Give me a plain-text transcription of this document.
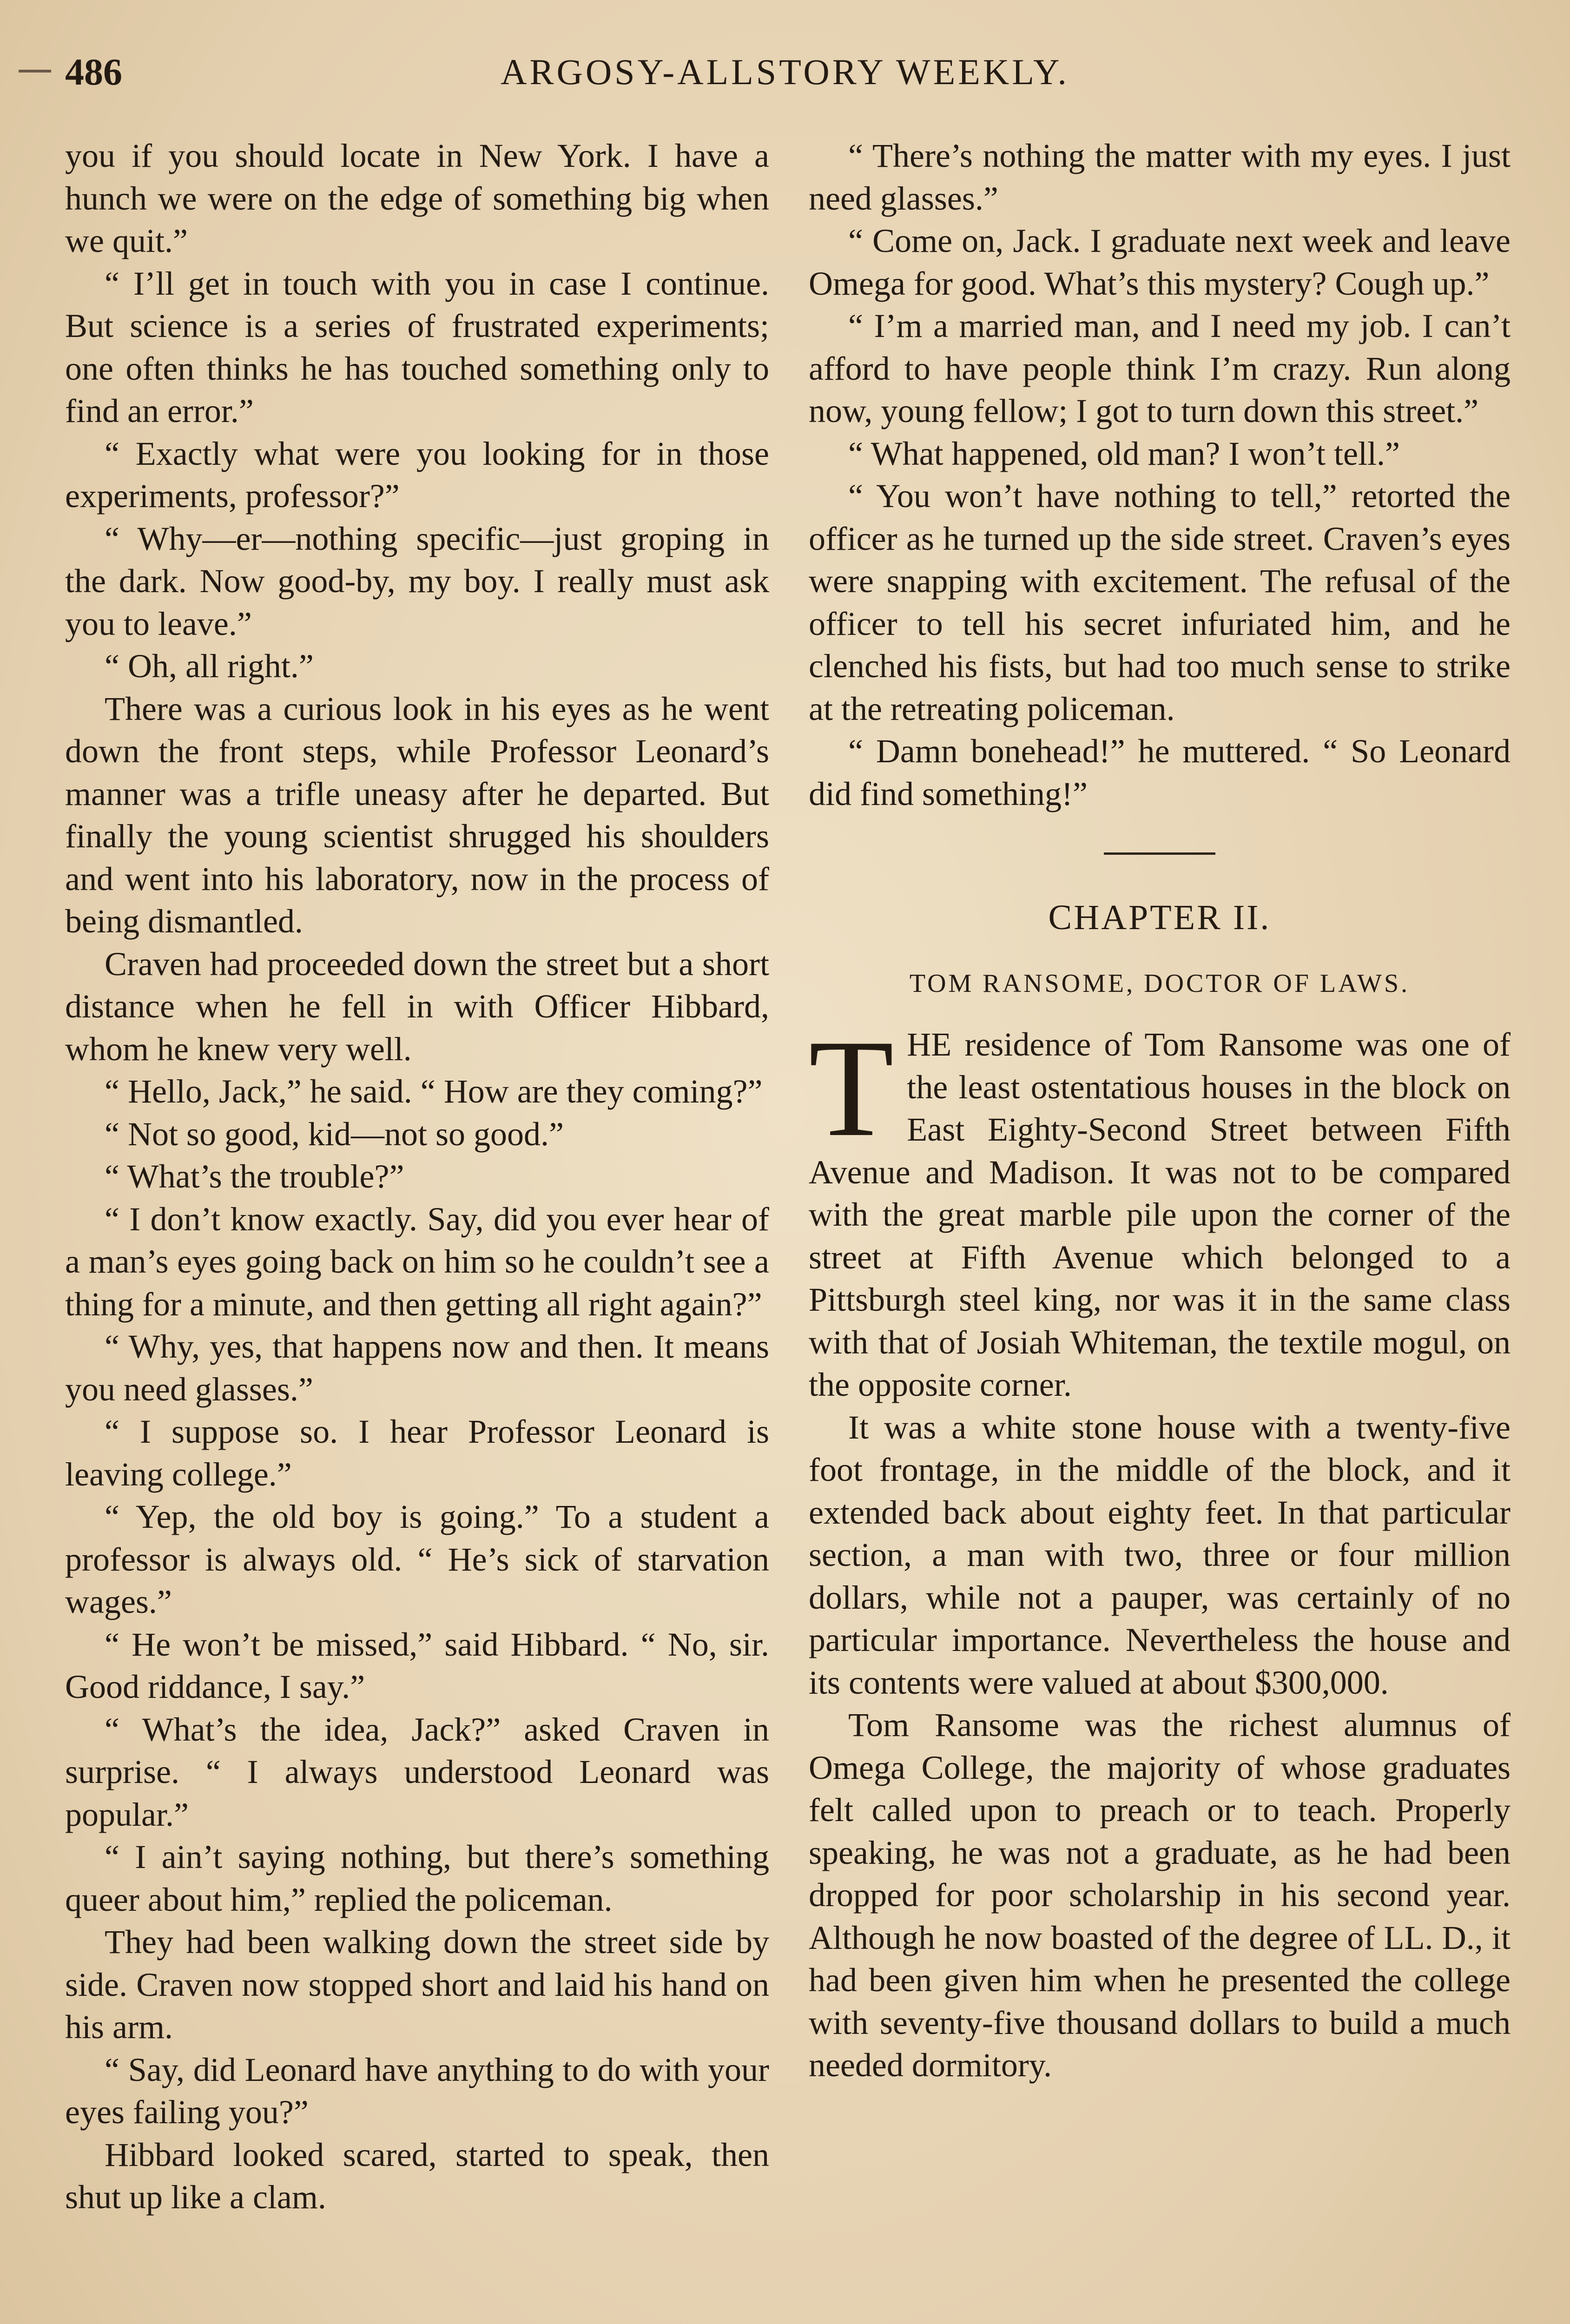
486	ARGOSY-ALLSTORY WEEKLY.

you if you should locate in New York. I have a hunch we were on the edge of something big when we quit.”

“ I’ll get in touch with you in case I continue. But science is a series of frustrated experiments; one often thinks he has touched something only to find an error.”

“ Exactly what were you looking for in those experiments, professor?”

“ Why—er—nothing specific—just groping in the dark. Now good-by, my boy. I really must ask you to leave.”

“ Oh, all right.”

There was a curious look in his eyes as he went down the front steps, while Professor Leonard’s manner was a trifle uneasy after he departed. But finally the young scientist shrugged his shoulders and went into his laboratory, now in the process of being dismantled.

Craven had proceeded down the street but a short distance when he fell in with Officer Hibbard, whom he knew very well.

“ Hello, Jack,” he said. “ How are they coming?”

“ Not so good, kid—not so good.”

“ What’s the trouble?”

“ I don’t know exactly. Say, did you ever hear of a man’s eyes going back on him so he couldn’t see a thing for a minute, and then getting all right again?”

“ Why, yes, that happens now and then. It means you need glasses.”

“ I suppose so. I hear Professor Leonard is leaving college.”

“ Yep, the old boy is going.” To a student a professor is always old. “ He’s sick of starvation wages.”

“ He won’t be missed,” said Hibbard. “ No, sir. Good riddance, I say.”

“ What’s the idea, Jack?” asked Craven in surprise. “ I always understood Leonard was popular.”

“ I ain’t saying nothing, but there’s something queer about him,” replied the policeman.

They had been walking down the street side by side. Craven now stopped short and laid his hand on his arm.

“ Say, did Leonard have anything to do with your eyes failing you?”

Hibbard looked scared, started to speak, then shut up like a clam.

“ There’s nothing the matter with my eyes. I just need glasses.”

“ Come on, Jack. I graduate next week and leave Omega for good. What’s this mystery? Cough up.”

“ I’m a married man, and I need my job. I can’t afford to have people think I’m crazy. Run along now, young fellow; I got to turn down this street.”

“ What happened, old man? I won’t tell.”

“ You won’t have nothing to tell,” retorted the officer as he turned up the side street. Craven’s eyes were snapping with excitement. The refusal of the officer to tell his secret infuriated him, and he clenched his fists, but had too much sense to strike at the retreating policeman.

“ Damn bonehead!” he muttered. “ So Leonard did find something!”

CHAPTER II.
TOM RANSOME, DOCTOR OF LAWS.

THE residence of Tom Ransome was one of the least ostentatious houses in the block on East Eighty-Second Street between Fifth Avenue and Madison. It was not to be compared with the great marble pile upon the corner of the street at Fifth Avenue which belonged to a Pittsburgh steel king, nor was it in the same class with that of Josiah Whiteman, the textile mogul, on the opposite corner.

It was a white stone house with a twenty-five foot frontage, in the middle of the block, and it extended back about eighty feet. In that particular section, a man with two, three or four million dollars, while not a pauper, was certainly of no particular importance. Nevertheless the house and its contents were valued at about $300,000.

Tom Ransome was the richest alumnus of Omega College, the majority of whose graduates felt called upon to preach or to teach. Properly speaking, he was not a graduate, as he had been dropped for poor scholarship in his second year. Although he now boasted of the degree of LL. D., it had been given him when he presented the college with seventy-five thousand dollars to build a much needed dormitory.
